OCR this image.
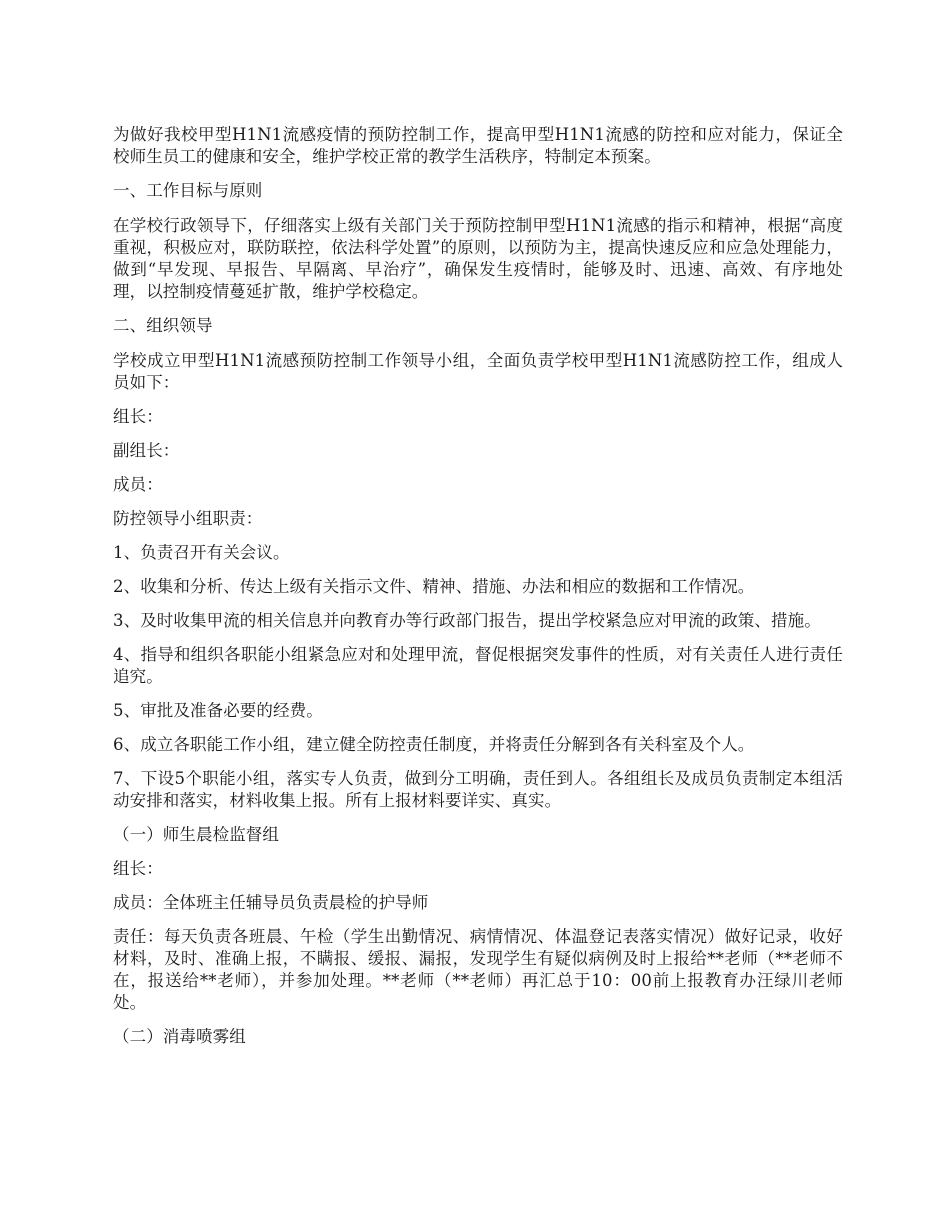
为做好我校甲型H1N1流感疫情的预防控制工作，提高甲型H1N1流感的防控和应对能力，保证全校师生员工的健康和安全，维护学校正常的教学生活秩序，特制定本预案。

一、工作目标与原则

在学校行政领导下，仔细落实上级有关部门关于预防控制甲型H1N1流感的指示和精神，根据“高度重视，积极应对，联防联控，依法科学处置”的原则，以预防为主，提高快速反应和应急处理能力，做到“早发现、早报告、早隔离、早治疗”，确保发生疫情时，能够及时、迅速、高效、有序地处理，以控制疫情蔓延扩散，维护学校稳定。

二、组织领导

学校成立甲型H1N1流感预防控制工作领导小组，全面负责学校甲型H1N1流感防控工作，组成人员如下：

组长：

副组长：

成员：

防控领导小组职责：

1、负责召开有关会议。

2、收集和分析、传达上级有关指示文件、精神、措施、办法和相应的数据和工作情况。

3、及时收集甲流的相关信息并向教育办等行政部门报告，提出学校紧急应对甲流的政策、措施。

4、指导和组织各职能小组紧急应对和处理甲流，督促根据突发事件的性质，对有关责任人进行责任追究。

5、审批及准备必要的经费。

6、成立各职能工作小组，建立健全防控责任制度，并将责任分解到各有关科室及个人。

7、下设5个职能小组，落实专人负责，做到分工明确，责任到人。各组组长及成员负责制定本组活动安排和落实，材料收集上报。所有上报材料要详实、真实。

（一）师生晨检监督组

组长：

成员：全体班主任辅导员负责晨检的护导师

责任：每天负责各班晨、午检（学生出勤情况、病情情况、体温登记表落实情况）做好记录，收好材料，及时、准确上报，不瞒报、缓报、漏报，发现学生有疑似病例及时上报给**老师（**老师不在，报送给**老师），并参加处理。**老师（**老师）再汇总于10：00前上报教育办汪绿川老师处。

（二）消毒喷雾组
